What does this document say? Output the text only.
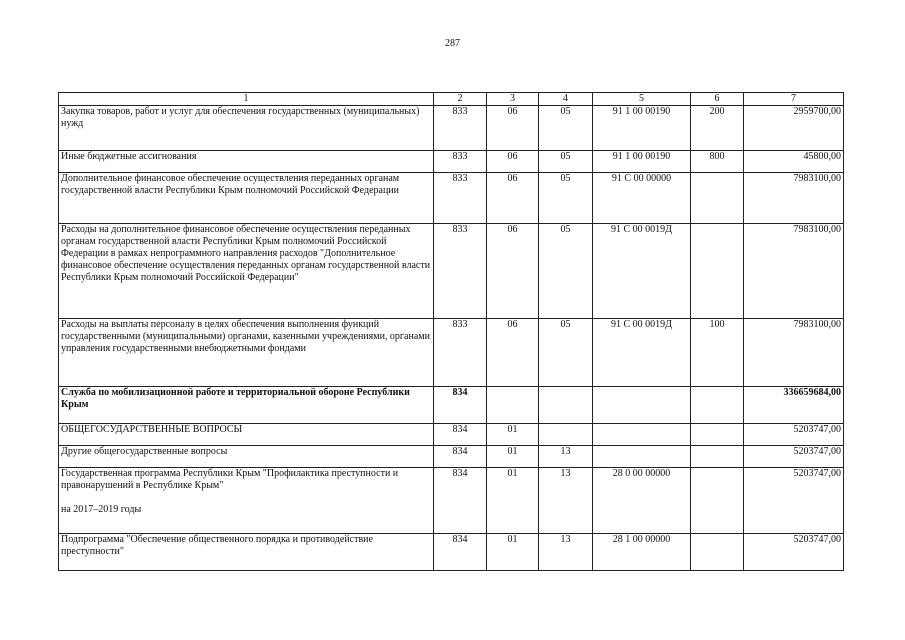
287
1	2	3	4	5	6	7
Закупка товаров, работ и услуг для обеспечения государственных (муниципальных) нужд	833	06	05	91 1 00 00190	200	2959700,00
Иные бюджетные ассигнования	833	06	05	91 1 00 00190	800	45800,00
Дополнительное финансовое обеспечение осуществления переданных органам государственной власти Республики Крым полномочий Российской Федерации	833	06	05	91 С 00 00000		7983100,00
Расходы на дополнительное финансовое обеспечение осуществления переданных органам государственной власти Республики Крым полномочий Российской Федерации в рамках непрограммного направления расходов "Дополнительное финансовое обеспечение осуществления переданных органам государственной власти Республики Крым полномочий Российской Федерации"	833	06	05	91 С 00 0019Д		7983100,00
Расходы на выплаты персоналу в целях обеспечения выполнения функций государственными (муниципальными) органами, казенными учреждениями, органами управления государственными внебюджетными фондами	833	06	05	91 С 00 0019Д	100	7983100,00
Служба по мобилизационной работе и территориальной обороне Республики Крым	834					336659684,00
ОБЩЕГОСУДАРСТВЕННЫЕ ВОПРОСЫ	834	01				5203747,00
Другие общегосударственные вопросы	834	01	13			5203747,00
Государственная программа Республики Крым "Профилактика преступности и правонарушений в Республике Крым"

на 2017–2019 годы	834	01	13	28 0 00 00000		5203747,00
Подпрограмма "Обеспечение общественного порядка и противодействие преступности"	834	01	13	28 1 00 00000		5203747,00
